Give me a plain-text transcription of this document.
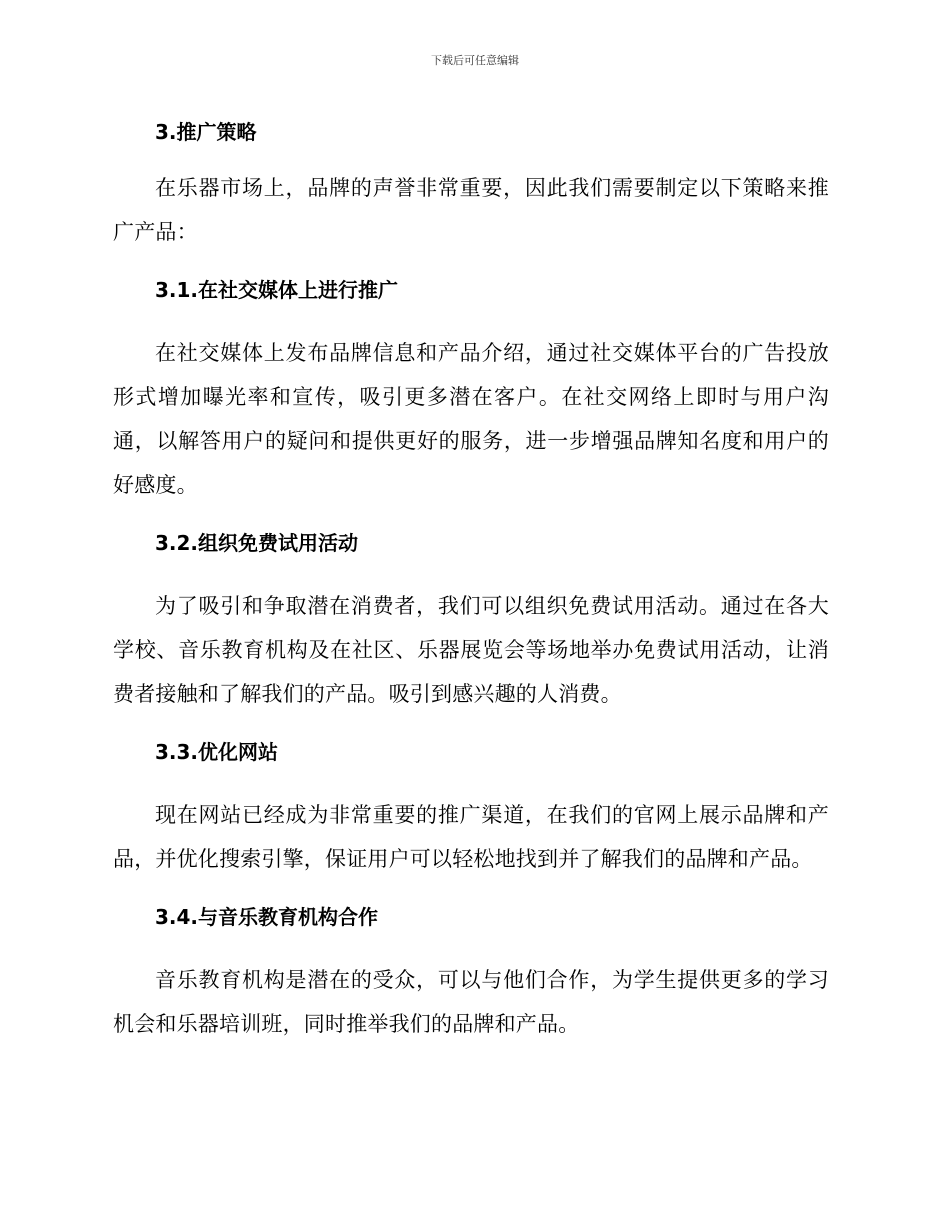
下载后可任意编辑
3.推广策略

在乐器市场上，品牌的声誉非常重要，因此我们需要制定以下策略来推广产品：

3.1.在社交媒体上进行推广

在社交媒体上发布品牌信息和产品介绍，通过社交媒体平台的广告投放形式增加曝光率和宣传，吸引更多潜在客户。在社交网络上即时与用户沟通，以解答用户的疑问和提供更好的服务，进一步增强品牌知名度和用户的好感度。

3.2.组织免费试用活动

为了吸引和争取潜在消费者，我们可以组织免费试用活动。通过在各大学校、音乐教育机构及在社区、乐器展览会等场地举办免费试用活动，让消费者接触和了解我们的产品。吸引到感兴趣的人消费。

3.3.优化网站

现在网站已经成为非常重要的推广渠道，在我们的官网上展示品牌和产品，并优化搜索引擎，保证用户可以轻松地找到并了解我们的品牌和产品。

3.4.与音乐教育机构合作

音乐教育机构是潜在的受众，可以与他们合作，为学生提供更多的学习机会和乐器培训班，同时推举我们的品牌和产品。
